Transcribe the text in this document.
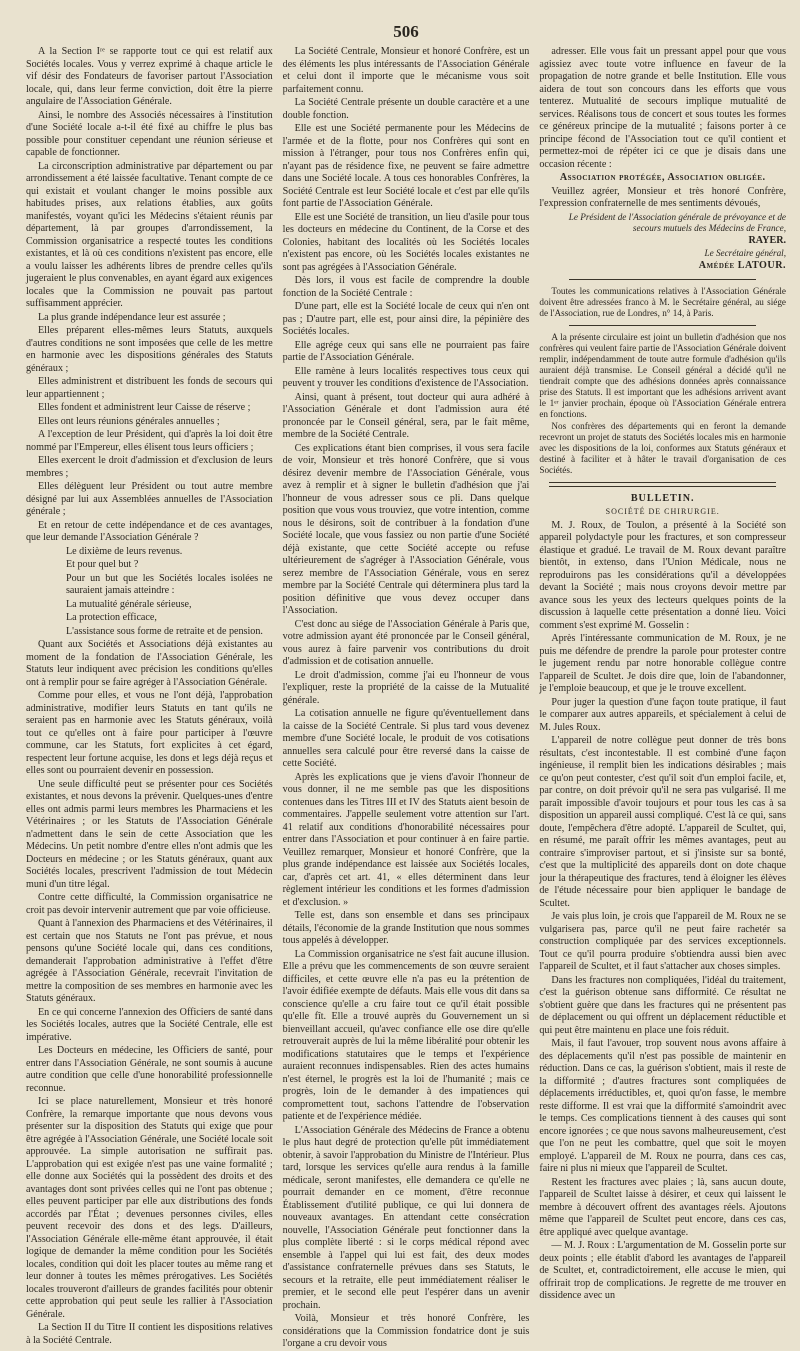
506

A la Section Iʳᵉ se rapporte tout ce qui est relatif aux Sociétés locales. Vous y verrez exprimé à chaque article le vif désir des Fondateurs de favoriser partout l'Association locale, qui, dans leur ferme conviction, doit être la pierre angulaire de l'Association Générale.

Ainsi, le nombre des Associés nécessaires à l'institution d'une Société locale a-t-il été fixé au chiffre le plus bas possible pour constituer cependant une réunion sérieuse et capable de fonctionner.

La circonscription administrative par département ou par arrondissement a été laissée facultative. Tenant compte de ce qui existait et voulant changer le moins possible aux habitudes prises, aux relations établies, aux goûts manifestés, voyant qu'ici les Médecins s'étaient réunis par département, là par groupes d'arrondissement, la Commission organisatrice a respecté toutes les conditions existantes, et là où ces conditions n'existent pas encore, elle a voulu laisser les adhérents libres de prendre celles qu'ils jugeraient le plus convenables, en ayant égard aux exigences locales que la Commission ne pouvait pas partout suffisamment apprécier.

La plus grande indépendance leur est assurée ;

Elles préparent elles-mêmes leurs Statuts, auxquels d'autres conditions ne sont imposées que celle de les mettre en harmonie avec les dispositions générales des Statuts généraux ;

Elles administrent et distribuent les fonds de secours qui leur appartiennent ;

Elles fondent et administrent leur Caisse de réserve ;

Elles ont leurs réunions générales annuelles ;

A l'exception de leur Président, qui d'après la loi doit être nommé par l'Empereur, elles élisent tous leurs officiers ;

Elles exercent le droit d'admission et d'exclusion de leurs membres ;

Elles délèguent leur Président ou tout autre membre désigné par lui aux Assemblées annuelles de l'Association générale ;

Et en retour de cette indépendance et de ces avantages, que leur demande l'Association Générale ?

Le dixième de leurs revenus.

Et pour quel but ?

Pour un but que les Sociétés locales isolées ne sauraient jamais atteindre :

La mutualité générale sérieuse,

La protection efficace,

L'assistance sous forme de retraite et de pension.

Quant aux Sociétés et Associations déjà existantes au moment de la fondation de l'Association Générale, les Statuts leur indiquent avec précision les conditions qu'elles ont à remplir pour se faire agréger à l'Association Générale.

Comme pour elles, et vous ne l'ont déjà, l'approbation administrative, modifier leurs Statuts en tant qu'ils ne seraient pas en harmonie avec les Statuts généraux, voilà tout ce qu'elles ont à faire pour participer à l'œuvre commune, car les Statuts, fort explicites à cet égard, respectent leur fortune acquise, les dons et legs déjà reçus et elles sont ou pourraient devenir en possession.

Une seule difficulté peut se présenter pour ces Sociétés existantes, et nous devons la prévenir. Quelques-unes d'entre elles ont admis parmi leurs membres les Pharmaciens et les Vétérinaires ; or les Statuts de l'Association Générale n'admettent dans le sein de cette Association que les Médecins. Un petit nombre d'entre elles n'ont admis que les Docteurs en médecine ; or les Statuts généraux, quant aux Sociétés locales, prescrivent l'admission de tout Médecin muni d'un titre légal.

Contre cette difficulté, la Commission organisatrice ne croit pas devoir intervenir autrement que par voie officieuse.

Quant à l'annexion des Pharmaciens et des Vétérinaires, il est certain que nos Statuts ne l'ont pas prévue, et nous pensons qu'une Société locale qui, dans ces conditions, demanderait l'approbation administrative à l'effet d'être agrégée à l'Association Générale, recevrait l'invitation de mettre la composition de ses membres en harmonie avec les Statuts généraux.

En ce qui concerne l'annexion des Officiers de santé dans les Sociétés locales, autres que la Société Centrale, elle est impérative.

Les Docteurs en médecine, les Officiers de santé, pour entrer dans l'Association Générale, ne sont soumis à aucune autre condition que celle d'une honorabilité professionnelle reconnue.

Ici se place naturellement, Monsieur et très honoré Confrère, la remarque importante que nous devons vous présenter sur la disposition des Statuts qui exige que pour être agrégée à l'Association Générale, une Société locale soit approuvée. La simple autorisation ne suffirait pas. L'approbation qui est exigée n'est pas une vaine formalité ; elle donne aux Sociétés qui la possèdent des droits et des avantages dont sont privées celles qui ne l'ont pas obtenue ; elles peuvent participer par elle aux distributions des fonds accordés par l'État ; devenues personnes civiles, elles peuvent recevoir des dons et des legs. D'ailleurs, l'Association Générale elle-même étant approuvée, il était logique de demander la même condition pour les Sociétés locales, condition qui doit les placer toutes au même rang et leur donner à toutes les mêmes prérogatives. Les Sociétés locales trouveront d'ailleurs de grandes facilités pour obtenir cette approbation qui peut seule les rallier à l'Association Générale.

La Section II du Titre II contient les dispositions relatives à la Société Centrale.

La Société Centrale, Monsieur et honoré Confrère, est un des éléments les plus intéressants de l'Association Générale et celui dont il importe que le mécanisme vous soit parfaitement connu.

La Société Centrale présente un double caractère et a une double fonction.

Elle est une Société permanente pour les Médecins de l'armée et de la flotte, pour nos Confrères qui sont en mission à l'étranger, pour tous nos Confrères enfin qui, n'ayant pas de résidence fixe, ne peuvent se faire admettre dans une Société locale. A tous ces honorables Confrères, la Société Centrale est leur Société locale et c'est par elle qu'ils font partie de l'Association Générale.

Elle est une Société de transition, un lieu d'asile pour tous les docteurs en médecine du Continent, de la Corse et des Colonies, habitant des localités où les Sociétés locales n'existent pas encore, où les Sociétés locales existantes ne sont pas agrégées à l'Association Générale.

Dès lors, il vous est facile de comprendre la double fonction de la Société Centrale :

D'une part, elle est la Société locale de ceux qui n'en ont pas ; D'autre part, elle est, pour ainsi dire, la pépinière des Sociétés locales.

Elle agrége ceux qui sans elle ne pourraient pas faire partie de l'Association Générale.

Elle ramène à leurs localités respectives tous ceux qui peuvent y trouver les conditions d'existence de l'Association.

Ainsi, quant à présent, tout docteur qui aura adhéré à l'Association Générale et dont l'admission aura été prononcée par le Conseil général, sera, par le fait même, membre de la Société Centrale.

Ces explications étant bien comprises, il vous sera facile de voir, Monsieur et très honoré Confrère, que si vous désirez devenir membre de l'Association Générale, vous avez à remplir et à signer le bulletin d'adhésion que j'ai l'honneur de vous adresser sous ce pli. Dans quelque position que vous vous trouviez, que votre intention, comme nous le désirons, soit de contribuer à la fondation d'une Société locale, que vous fassiez ou non partie d'une Société déjà existante, que cette Société accepte ou refuse ultérieurement de s'agréger à l'Association Générale, vous serez membre de l'Association Générale, vous en serez membre par la Société Centrale qui déterminera plus tard la position définitive que vous devez occuper dans l'Association.

C'est donc au siége de l'Association Générale à Paris que, votre admission ayant été prononcée par le Conseil général, vous aurez à faire parvenir vos contributions du droit d'admission et de cotisation annuelle.

Le droit d'admission, comme j'ai eu l'honneur de vous l'expliquer, reste la propriété de la caisse de la Mutualité générale.

La cotisation annuelle ne figure qu'éventuellement dans la caisse de la Société Centrale. Si plus tard vous devenez membre d'une Société locale, le produit de vos cotisations annuelles sera calculé pour être reversé dans la caisse de cette Société.

Après les explications que je viens d'avoir l'honneur de vous donner, il ne me semble pas que les dispositions contenues dans les Titres III et IV des Statuts aient besoin de commentaires. J'appelle seulement votre attention sur l'art. 41 relatif aux conditions d'honorabilité nécessaires pour entrer dans l'Association et pour continuer à en faire partie. Veuillez remarquer, Monsieur et honoré Confrère, que la plus grande indépendance est laissée aux Sociétés locales, car, d'après cet art. 41, « elles déterminent dans leur règlement intérieur les conditions et les formes d'admission et d'exclusion. »

Telle est, dans son ensemble et dans ses principaux détails, l'économie de la grande Institution que nous sommes tous appelés à développer.

La Commission organisatrice ne s'est fait aucune illusion. Elle a prévu que les commencements de son œuvre seraient difficiles, et cette œuvre elle n'a pas eu la prétention de l'avoir édifiée exempte de défauts. Mais elle vous dit dans sa conscience qu'elle a cru faire tout ce qu'il était possible qu'elle fît. Elle a trouvé auprès du Gouvernement un si bienveillant accueil, qu'avec confiance elle ose dire qu'elle retrouverait auprès de lui la même libéralité pour obtenir les modifications statutaires que le temps et l'expérience auraient reconnues indispensables. Rien des actes humains n'est éternel, le progrès est la loi de l'humanité ; mais ce progrès, loin de le demander à des impatiences qui compromettent tout, sachons l'attendre de l'observation patiente et de l'expérience médiée.

L'Association Générale des Médecins de France a obtenu le plus haut degré de protection qu'elle pût immédiatement obtenir, à savoir l'approbation du Ministre de l'Intérieur. Plus tard, lorsque les services qu'elle aura rendus à la famille médicale, seront manifestes, elle demandera ce qu'elle ne pourrait demander en ce moment, d'être reconnue Établissement d'utilité publique, ce qui lui donnera de nouveaux avantages. En attendant cette consécration nouvelle, l'Association Générale peut fonctionner dans la plus complète liberté : si le corps médical répond avec ensemble à l'appel qui lui est fait, des deux modes d'assistance confraternelle prévues dans ses Statuts, le secours et la retraite, elle peut immédiatement réaliser le premier, et le second elle peut l'espérer dans un avenir prochain.

Voilà, Monsieur et très honoré Confrère, les considérations que la Commission fondatrice dont je suis l'organe a cru devoir vous

adresser. Elle vous fait un pressant appel pour que vous agissiez avec toute votre influence en faveur de la propagation de notre grande et belle Institution. Elle vous aidera de tout son concours dans les efforts que vous tenterez. Mutualité de secours implique mutualité de services. Réalisons tous de concert et sous toutes les formes ce généreux principe de la mutualité ; faisons porter à ce principe fécond de l'Association tout ce qu'il contient et permettez-moi de répéter ici ce que je disais dans une occasion récente :

Association protégée, Association obligée.

Veuillez agréer, Monsieur et très honoré Confrère, l'expression confraternelle de mes sentiments dévoués,

Le Président de l'Association générale de prévoyance et de secours mutuels des Médecins de France,

RAYER.

Le Secrétaire général,

Amédée LATOUR.

Toutes les communications relatives à l'Association Générale doivent être adressées franco à M. le Secrétaire général, au siége de l'Association, rue de Londres, n° 14, à Paris.

A la présente circulaire est joint un bulletin d'adhésion que nos confrères qui veulent faire partie de l'Association Générale doivent remplir, indépendamment de toute autre formule d'adhésion qu'ils auraient déjà transmise. Le Conseil général a décidé qu'il ne tiendrait compte que des adhésions données après connaissance prise des Statuts. Il est important que les adhésions arrivent avant le 1ᵉʳ janvier prochain, époque où l'Association Générale entrera en fonctions.

Nos confrères des départements qui en feront la demande recevront un projet de statuts des Sociétés locales mis en harmonie avec les dispositions de la loi, conformes aux Statuts généraux et destiné à faciliter et à hâter le travail d'organisation de ces Sociétés.

BULLETIN.

SOCIÉTÉ DE CHIRURGIE.

M. J. Roux, de Toulon, a présenté à la Société son appareil polydactyle pour les fractures, et son compresseur élastique et gradué. Le travail de M. Roux devant paraître bientôt, in extenso, dans l'Union Médicale, nous ne reproduirons pas les considérations qu'il a développées devant la Société ; mais nous croyons devoir mettre par avance sous les yeux des lecteurs quelques points de la discussion à laquelle cette présentation a donné lieu. Voici comment s'est exprimé M. Gosselin :

Après l'intéressante communication de M. Roux, je ne puis me défendre de prendre la parole pour protester contre le jugement rendu par notre honorable collègue contre l'appareil de Scultet. Je dois dire que, loin de l'abandonner, je l'emploie beaucoup, et que je le trouve excellent.

Pour juger la question d'une façon toute pratique, il faut le comparer aux autres appareils, et spécialement à celui de M. Jules Roux.

L'appareil de notre collègue peut donner de très bons résultats, c'est incontestable. Il est combiné d'une façon ingénieuse, il remplit bien les indications désirables ; mais ce qu'on peut contester, c'est qu'il soit d'un emploi facile, et, par contre, on doit prévoir qu'il ne sera pas vulgarisé. Il me paraît impossible d'avoir toujours et pour tous les cas à sa disposition un appareil aussi compliqué. C'est là ce qui, sans doute, l'empêchera d'être adopté. L'appareil de Scultet, qui, en résumé, me paraît offrir les mêmes avantages, peut au contraire s'improviser partout, et si j'insiste sur sa bonté, c'est que la multiplicité des appareils dont on dote chaque jour la thérapeutique des fractures, tend à éloigner les élèves de l'étude nécessaire pour bien appliquer le bandage de Scultet.

Je vais plus loin, je crois que l'appareil de M. Roux ne se vulgarisera pas, parce qu'il ne peut faire rachetér sa construction compliquée par des services exceptionnels. Tout ce qu'il pourra produire s'obtiendra aussi bien avec l'appareil de Scultet, et il faut s'attacher aux choses simples.

Dans les fractures non compliquées, l'idéal du traitement, c'est la guérison obtenue sans difformité. Ce résultat ne s'obtient guère que dans les fractures qui ne présentent pas de déplacement ou qui offrent un déplacement réductible et qui peut être maintenu en place une fois réduit.

Mais, il faut l'avouer, trop souvent nous avons affaire à des déplacements qu'il n'est pas possible de maintenir en réduction. Dans ce cas, la guérison s'obtient, mais il reste de la difformité ; d'autres fractures sont compliquées de déplacements irréductibles, et, quoi qu'on fasse, le membre reste difforme. Il est vrai que la difformité s'amoindrit avec le temps. Ces complications tiennent à des causes qui sont encore ignorées ; ce que nous savons malheureusement, c'est que l'on ne peut les combattre, quel que soit le moyen employé. L'appareil de M. Roux ne pourra, dans ces cas, faire ni plus ni mieux que l'appareil de Scultet.

Restent les fractures avec plaies ; là, sans aucun doute, l'appareil de Scultet laisse à désirer, et ceux qui laissent le membre à découvert offrent des avantages réels. Ajoutons même que l'appareil de Scultet peut encore, dans ces cas, être appliqué avec quelque avantage.

— M. J. Roux : L'argumentation de M. Gosselin porte sur deux points ; elle établit d'abord les avantages de l'appareil de Scultet, et, contradictoirement, elle accuse le mien, qui offrirait trop de complications. Je regrette de me trouver en dissidence avec un
